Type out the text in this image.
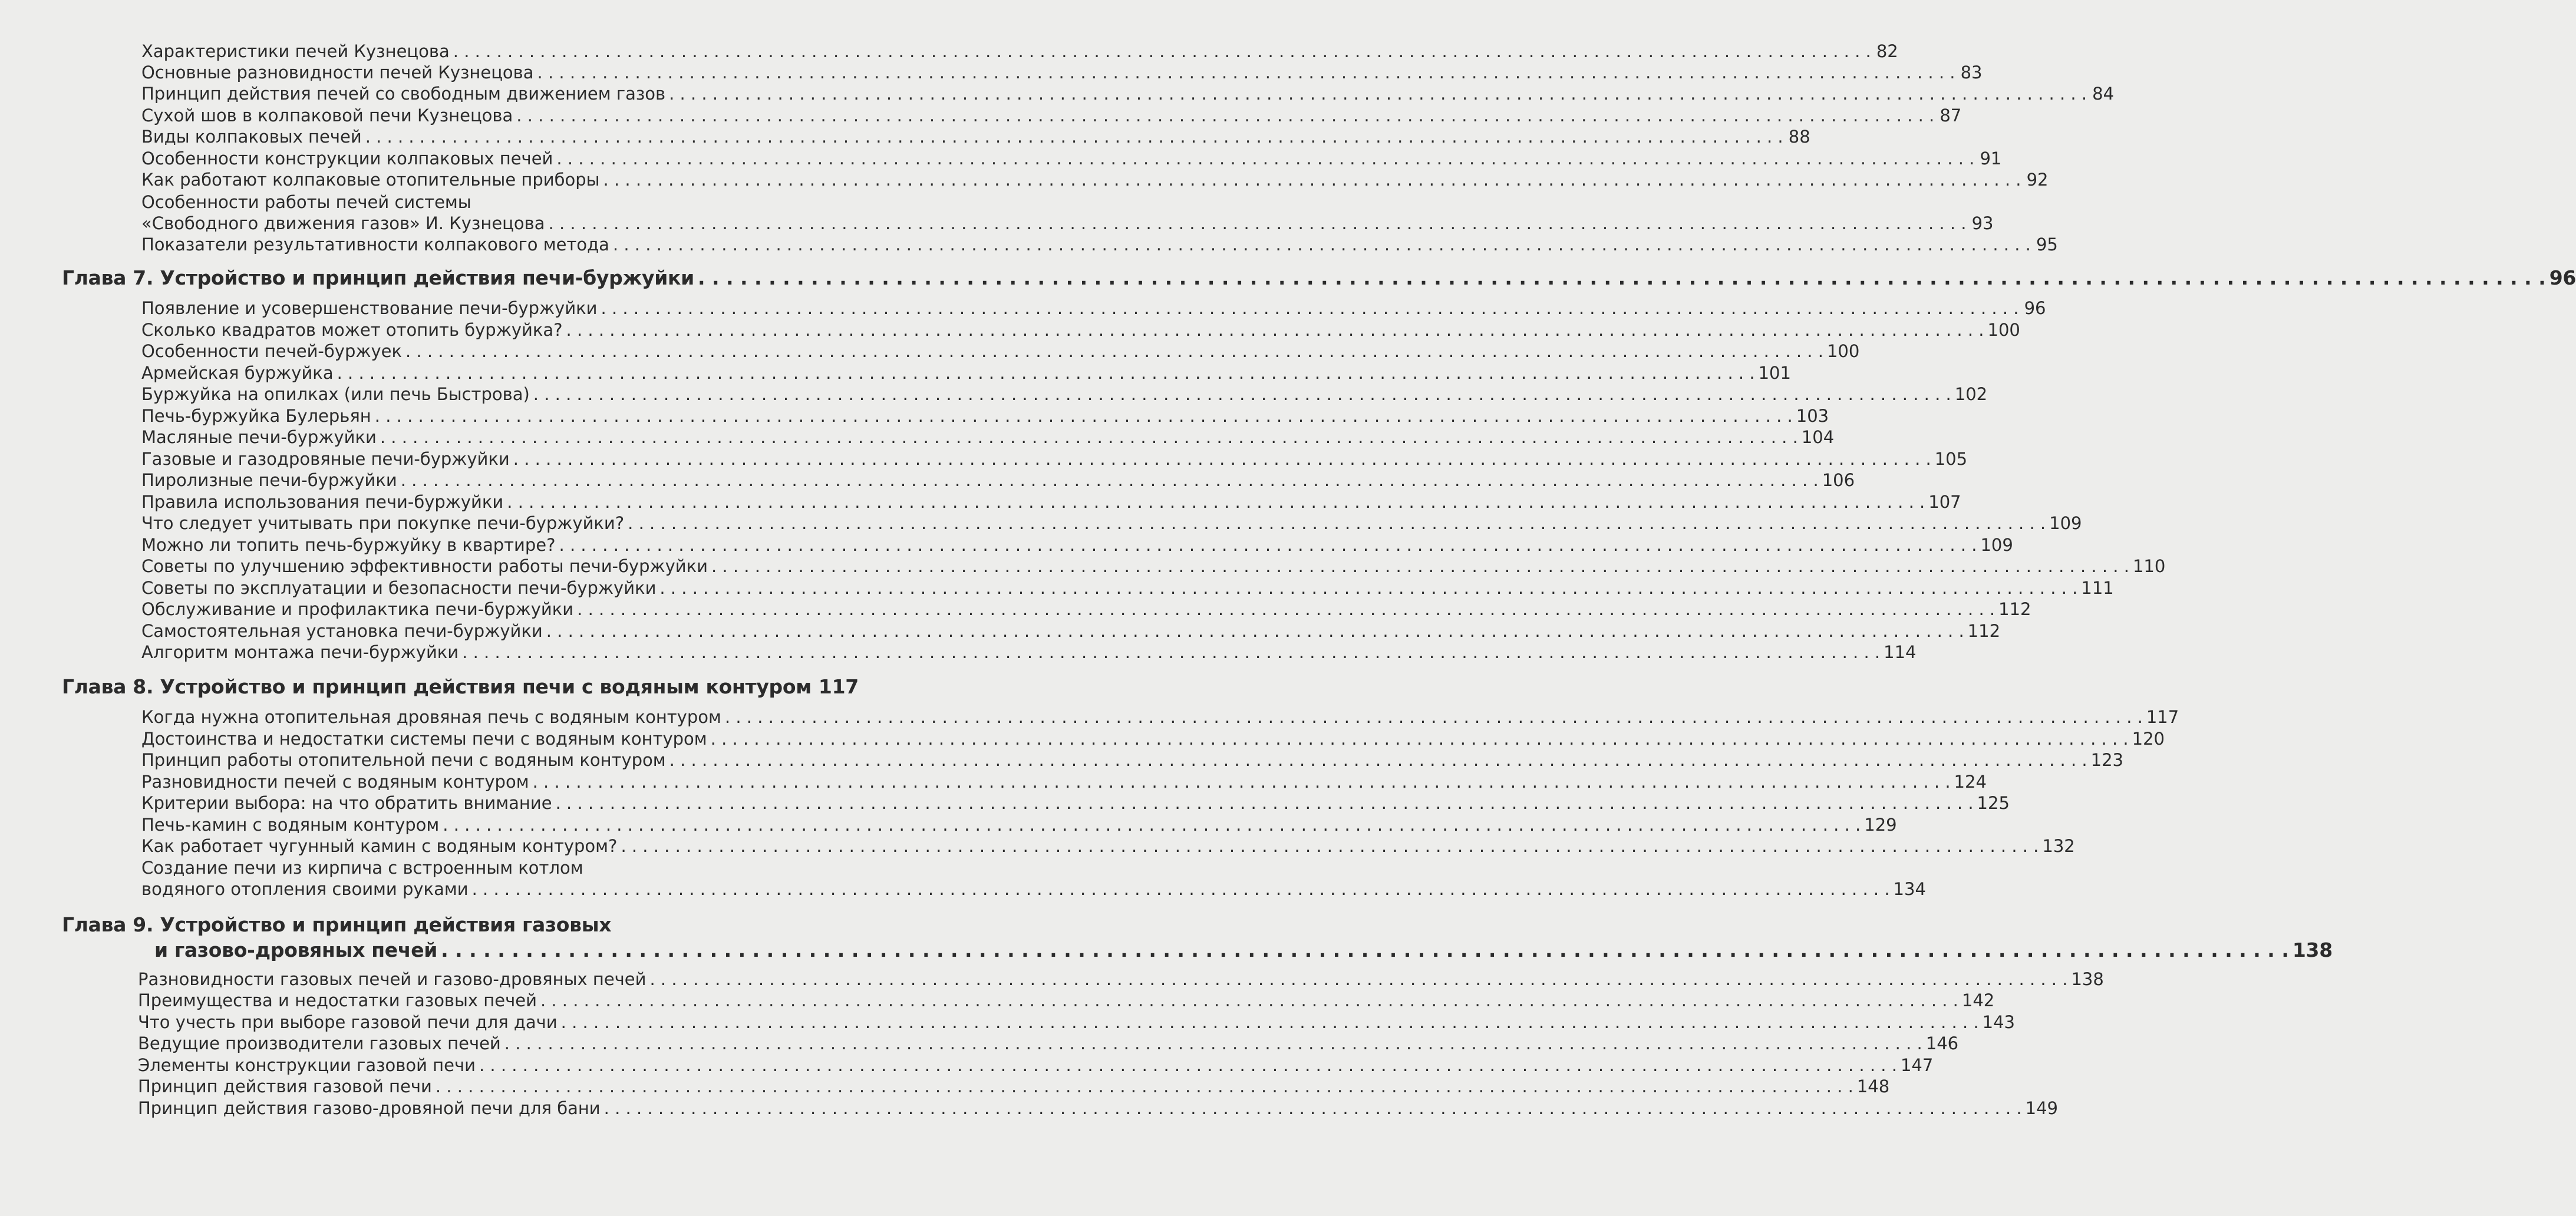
Характеристики печей Кузнецова . . .	82
Основные разновидности печей Кузнецова . . .	83
Принцип действия печей со свободным движением газов . . .	84
Сухой шов в колпаковой печи Кузнецова . . .	87
Виды колпаковых печей . . .	88
Особенности конструкции колпаковых печей . . .	91
Как работают колпаковые отопительные приборы . . .	92
Особенности работы печей системы
«Свободного движения газов» И. Кузнецова . . .	93
Показатели результативности колпакового метода . . .	95
Глава 7. Устройство и принцип действия печи-буржуйки . . .	96
Появление и усовершенствование печи-буржуйки . . .	96
Сколько квадратов может отопить буржуйка? . . .	100
Особенности печей-буржуек . . .	100
Армейская буржуйка . . .	101
Буржуйка на опилках (или печь Быстрова) . . .	102
Печь-буржуйка Булерьян . . .	103
Масляные печи-буржуйки . . .	104
Газовые и газодровяные печи-буржуйки . . .	105
Пиролизные печи-буржуйки . . .	106
Правила использования печи-буржуйки . . .	107
Что следует учитывать при покупке печи-буржуйки? . . .	109
Можно ли топить печь-буржуйку в квартире? . . .	109
Советы по улучшению эффективности работы печи-буржуйки . . .	110
Советы по эксплуатации и безопасности печи-буржуйки . . .	111
Обслуживание и профилактика печи-буржуйки . . .	112
Самостоятельная установка печи-буржуйки . . .	112
Алгоритм монтажа печи-буржуйки . . .	114
Глава 8. Устройство и принцип действия печи с водяным контуром 117
Когда нужна отопительная дровяная печь с водяным контуром . . .	117
Достоинства и недостатки системы печи с водяным контуром . . .	120
Принцип работы отопительной печи с водяным контуром . . .	123
Разновидности печей с водяным контуром . . .	124
Критерии выбора: на что обратить внимание . . .	125
Печь-камин с водяным контуром . . .	129
Как работает чугунный камин с водяным контуром? . . .	132
Создание печи из кирпича с встроенным котлом
водяного отопления своими руками . . .	134
Глава 9. Устройство и принцип действия газовых
и газово-дровяных печей . . .	138
Разновидности газовых печей и газово-дровяных печей . . .	138
Преимущества и недостатки газовых печей . . .	142
Что учесть при выборе газовой печи для дачи . . .	143
Ведущие производители газовых печей . . .	146
Элементы конструкции газовой печи . . .	147
Принцип действия газовой печи . . .	148
Принцип действия газово-дровяной печи для бани . . .	149
